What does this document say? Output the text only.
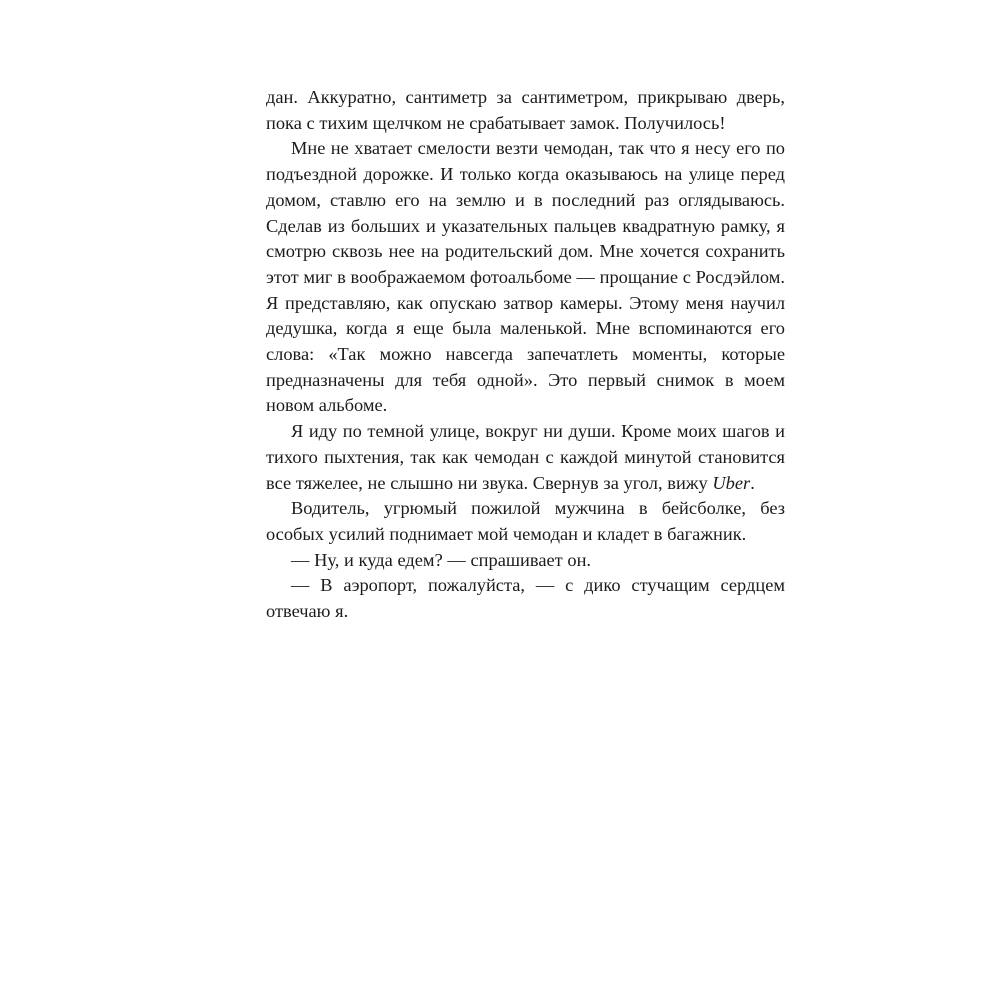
дан. Аккуратно, сантиметр за сантиметром, прикрываю дверь, пока с тихим щелчком не срабатывает замок. Получилось!

Мне не хватает смелости везти чемодан, так что я несу его по подъездной дорожке. И только когда оказываюсь на улице перед домом, ставлю его на землю и в последний раз оглядываюсь. Сделав из больших и указательных пальцев квадратную рамку, я смотрю сквозь нее на родительский дом. Мне хочется сохранить этот миг в воображаемом фотоальбоме — прощание с Росдэйлом. Я представляю, как опускаю затвор камеры. Этому меня научил дедушка, когда я еще была маленькой. Мне вспоминаются его слова: «Так можно навсегда запечатлеть моменты, которые предназначены для тебя одной». Это первый снимок в моем новом альбоме.

Я иду по темной улице, вокруг ни души. Кроме моих шагов и тихого пыхтения, так как чемодан с каждой минутой становится все тяжелее, не слышно ни звука. Свернув за угол, вижу Uber.

Водитель, угрюмый пожилой мужчина в бейсболке, без особых усилий поднимает мой чемодан и кладет в багажник.

— Ну, и куда едем? — спрашивает он.

— В аэропорт, пожалуйста, — с дико стучащим сердцем отвечаю я.
